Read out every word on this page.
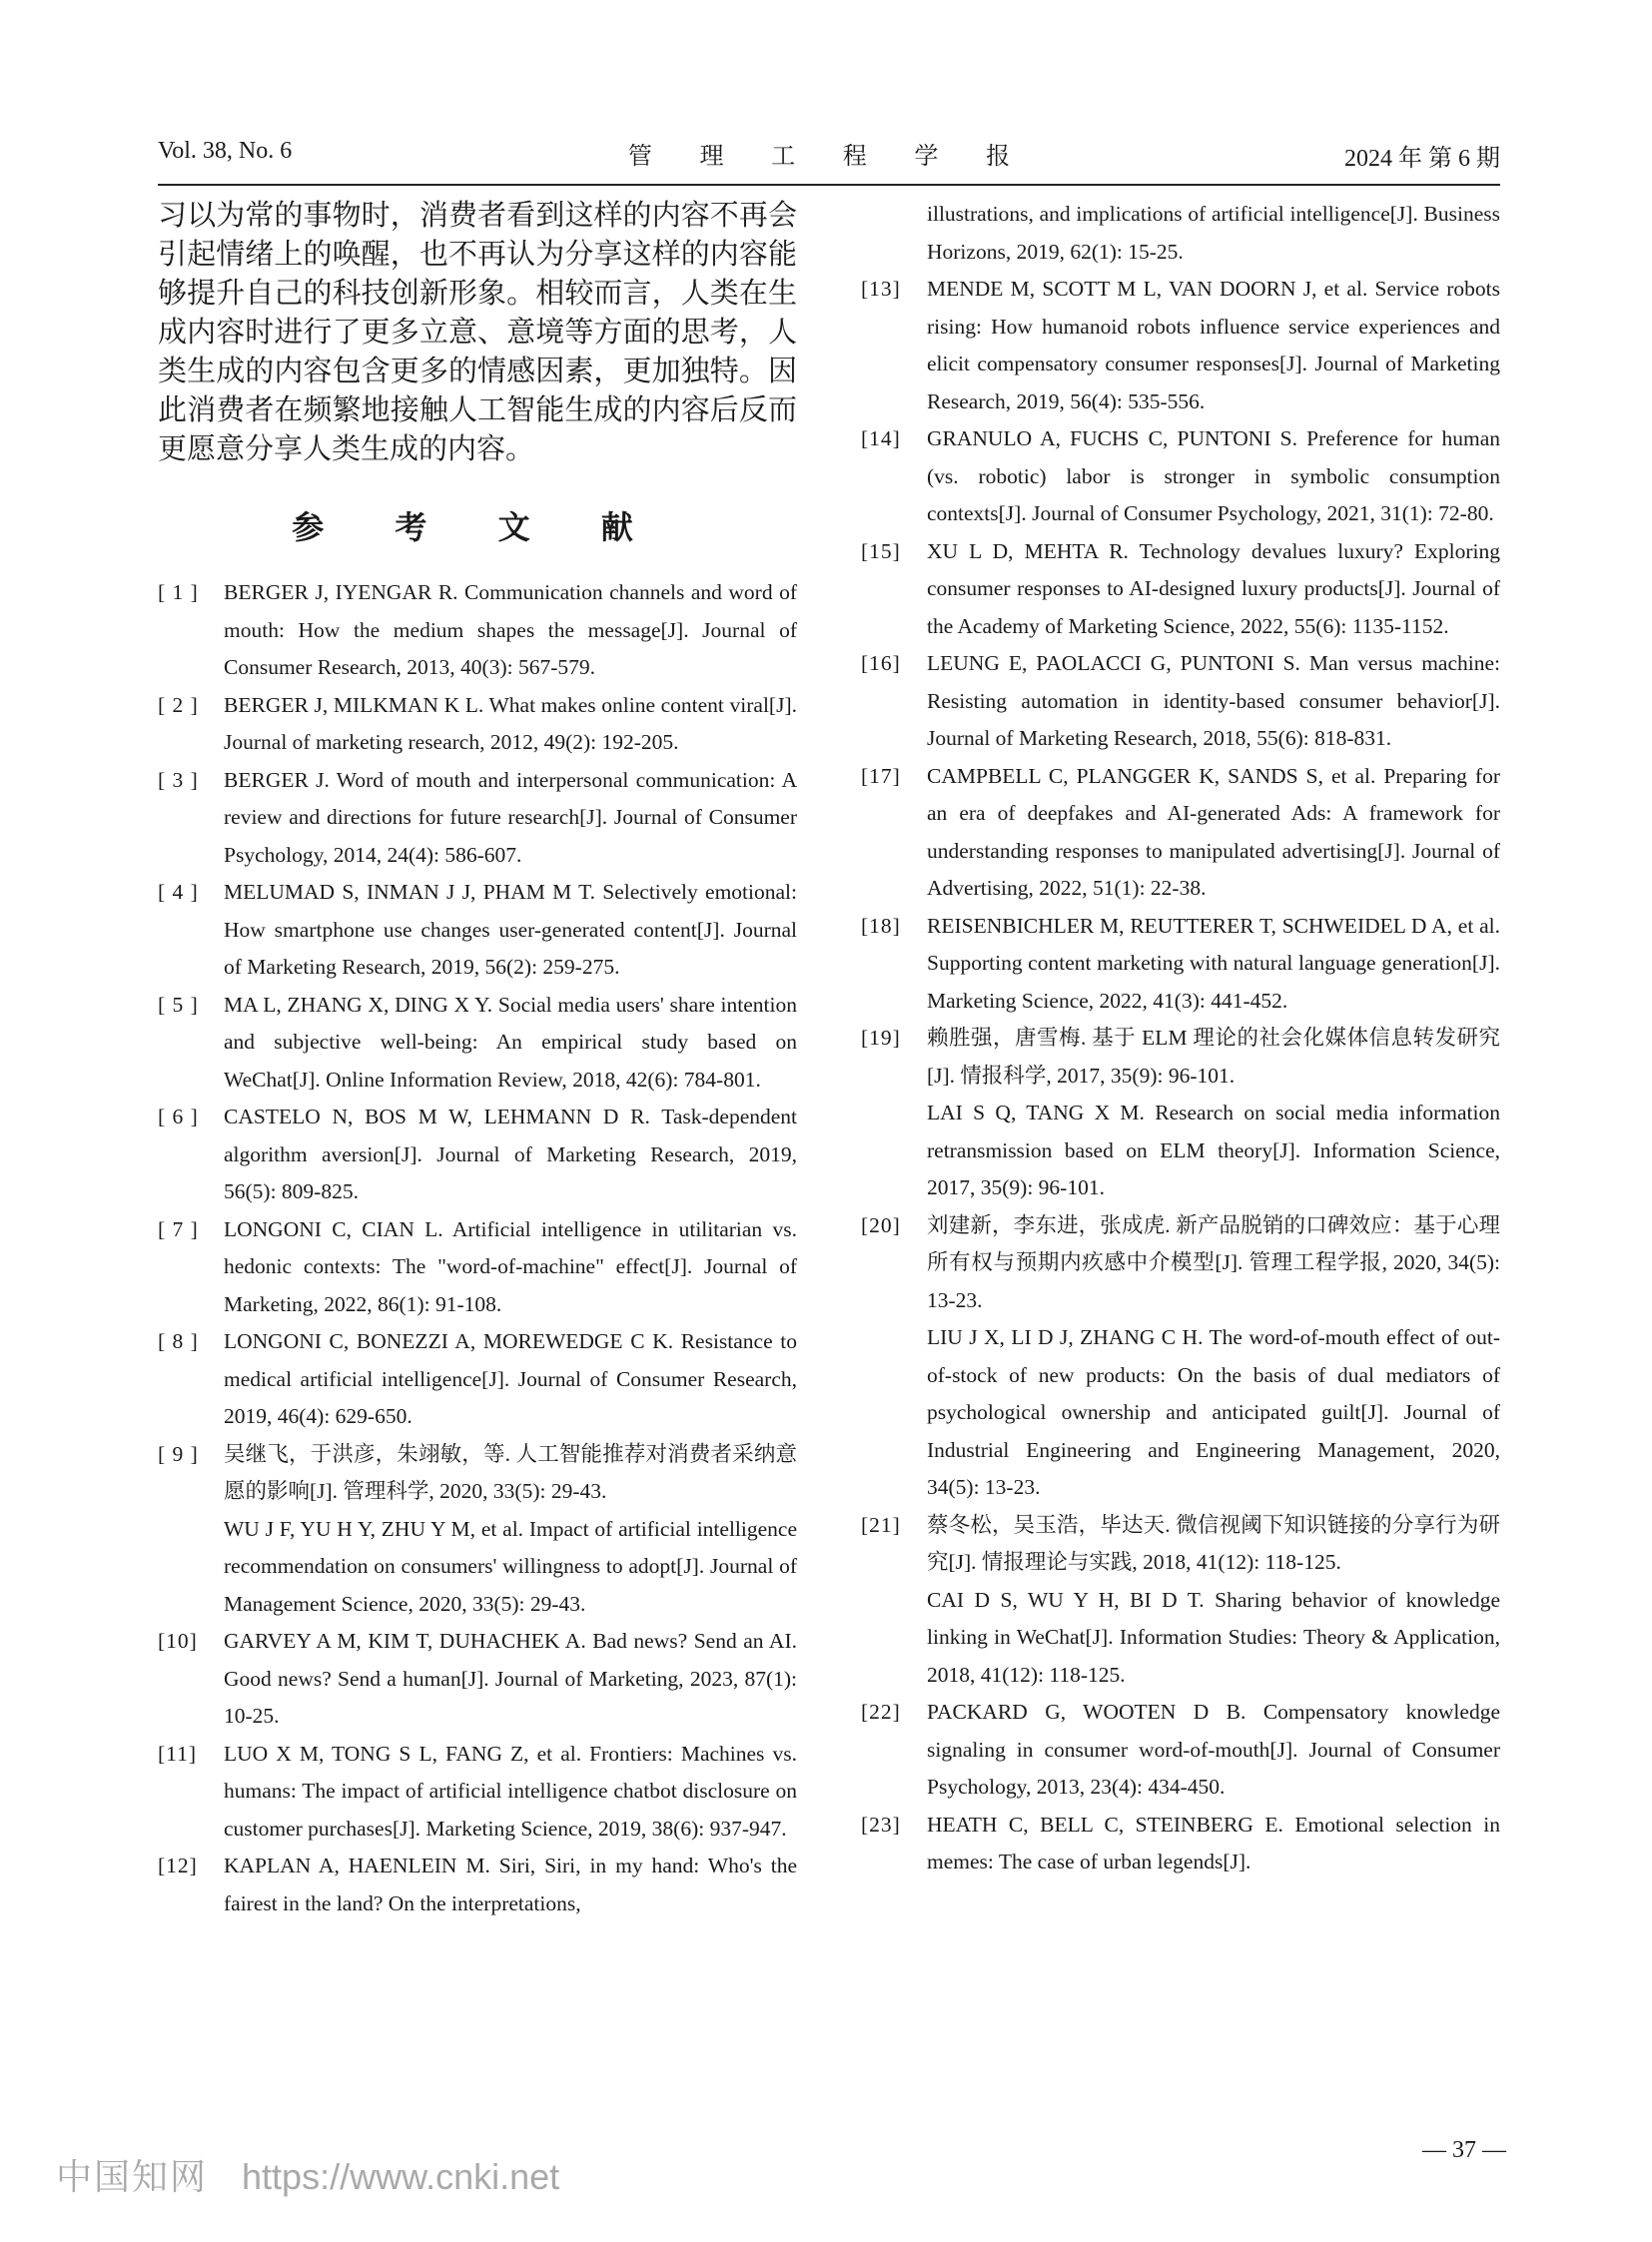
Vol. 38, No. 6	管 理 工 程 学 报	2024 年 第 6 期

习以为常的事物时，消费者看到这样的内容不再会引起情绪上的唤醒，也不再认为分享这样的内容能够提升自己的科技创新形象。相较而言，人类在生成内容时进行了更多立意、意境等方面的思考，人类生成的内容包含更多的情感因素，更加独特。因此消费者在频繁地接触人工智能生成的内容后反而更愿意分享人类生成的内容。

参 考 文 献
[ 1 ]	BERGER J, IYENGAR R. Communication channels and word of mouth: How the medium shapes the message[J]. Journal of Consumer Research, 2013, 40(3): 567-579.
[ 2 ]	BERGER J, MILKMAN K L. What makes online content viral[J]. Journal of marketing research, 2012, 49(2): 192-205.
[ 3 ]	BERGER J. Word of mouth and interpersonal communication: A review and directions for future research[J]. Journal of Consumer Psychology, 2014, 24(4): 586-607.
[ 4 ]	MELUMAD S, INMAN J J, PHAM M T. Selectively emotional: How smartphone use changes user-generated content[J]. Journal of Marketing Research, 2019, 56(2): 259-275.
[ 5 ]	MA L, ZHANG X, DING X Y. Social media users' share intention and subjective well-being: An empirical study based on WeChat[J]. Online Information Review, 2018, 42(6): 784-801.
[ 6 ]	CASTELO N, BOS M W, LEHMANN D R. Task-dependent algorithm aversion[J]. Journal of Marketing Research, 2019, 56(5): 809-825.
[ 7 ]	LONGONI C, CIAN L. Artificial intelligence in utilitarian vs. hedonic contexts: The "word-of-machine" effect[J]. Journal of Marketing, 2022, 86(1): 91-108.
[ 8 ]	LONGONI C, BONEZZI A, MOREWEDGE C K. Resistance to medical artificial intelligence[J]. Journal of Consumer Research, 2019, 46(4): 629-650.
[ 9 ]	吴继飞，于洪彦，朱翊敏，等. 人工智能推荐对消费者采纳意愿的影响[J]. 管理科学, 2020, 33(5): 29-43.
WU J F, YU H Y, ZHU Y M, et al. Impact of artificial intelligence recommendation on consumers' willingness to adopt[J]. Journal of Management Science, 2020, 33(5): 29-43.
[10]	GARVEY A M, KIM T, DUHACHEK A. Bad news? Send an AI. Good news? Send a human[J]. Journal of Marketing, 2023, 87(1): 10-25.
[11]	LUO X M, TONG S L, FANG Z, et al. Frontiers: Machines vs. humans: The impact of artificial intelligence chatbot disclosure on customer purchases[J]. Marketing Science, 2019, 38(6): 937-947.
[12]	KAPLAN A, HAENLEIN M. Siri, Siri, in my hand: Who's the fairest in the land? On the interpretations,
illustrations, and implications of artificial intelligence[J]. Business Horizons, 2019, 62(1): 15-25.
[13]	MENDE M, SCOTT M L, VAN DOORN J, et al. Service robots rising: How humanoid robots influence service experiences and elicit compensatory consumer responses[J]. Journal of Marketing Research, 2019, 56(4): 535-556.
[14]	GRANULO A, FUCHS C, PUNTONI S. Preference for human (vs. robotic) labor is stronger in symbolic consumption contexts[J]. Journal of Consumer Psychology, 2021, 31(1): 72-80.
[15]	XU L D, MEHTA R. Technology devalues luxury? Exploring consumer responses to AI-designed luxury products[J]. Journal of the Academy of Marketing Science, 2022, 55(6): 1135-1152.
[16]	LEUNG E, PAOLACCI G, PUNTONI S. Man versus machine: Resisting automation in identity-based consumer behavior[J]. Journal of Marketing Research, 2018, 55(6): 818-831.
[17]	CAMPBELL C, PLANGGER K, SANDS S, et al. Preparing for an era of deepfakes and AI-generated Ads: A framework for understanding responses to manipulated advertising[J]. Journal of Advertising, 2022, 51(1): 22-38.
[18]	REISENBICHLER M, REUTTERER T, SCHWEIDEL D A, et al. Supporting content marketing with natural language generation[J]. Marketing Science, 2022, 41(3): 441-452.
[19]	赖胜强，唐雪梅. 基于 ELM 理论的社会化媒体信息转发研究[J]. 情报科学, 2017, 35(9): 96-101.
LAI S Q, TANG X M. Research on social media information retransmission based on ELM theory[J]. Information Science, 2017, 35(9): 96-101.
[20]	刘建新，李东进，张成虎. 新产品脱销的口碑效应：基于心理所有权与预期内疚感中介模型[J]. 管理工程学报, 2020, 34(5): 13-23.
LIU J X, LI D J, ZHANG C H. The word-of-mouth effect of out-of-stock of new products: On the basis of dual mediators of psychological ownership and anticipated guilt[J]. Journal of Industrial Engineering and Engineering Management, 2020, 34(5): 13-23.
[21]	蔡冬松，吴玉浩，毕达天. 微信视阈下知识链接的分享行为研究[J]. 情报理论与实践, 2018, 41(12): 118-125.
CAI D S, WU Y H, BI D T. Sharing behavior of knowledge linking in WeChat[J]. Information Studies: Theory & Application, 2018, 41(12): 118-125.
[22]	PACKARD G, WOOTEN D B. Compensatory knowledge signaling in consumer word-of-mouth[J]. Journal of Consumer Psychology, 2013, 23(4): 434-450.
[23]	HEATH C, BELL C, STEINBERG E. Emotional selection in memes: The case of urban legends[J].
— 37 —
中国知网 https://www.cnki.net
